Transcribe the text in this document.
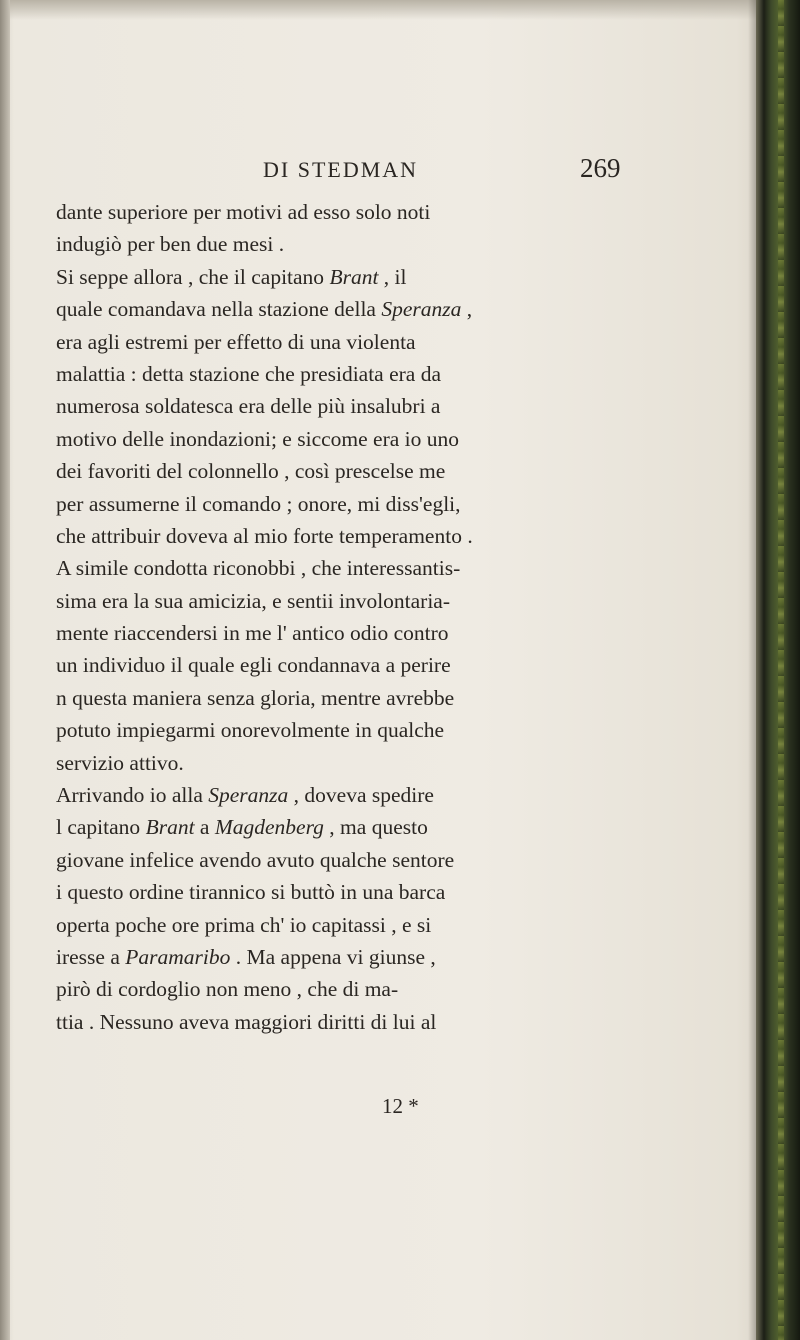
DI STEDMAN	269
dante superiore per motivi ad esso solo noti
indugiò per ben due mesi .
Si seppe allora , che il capitano Brant , il
quale comandava nella stazione della Speranza ,
era agli estremi per effetto di una violenta
malattia : detta stazione che presidiata era da
numerosa soldatesca era delle più insalubri a
motivo delle inondazioni; e siccome era io uno
dei favoriti del colonnello , così prescelse me
per assumerne il comando ; onore, mi diss'egli,
che attribuir doveva al mio forte temperamento .
A simile condotta riconobbi , che interessantis-
sima era la sua amicizia, e sentii involontaria-
mente riaccendersi in me l' antico odio contro
un individuo il quale egli condannava a perire
n questa maniera senza gloria, mentre avrebbe
potuto impiegarmi onorevolmente in qualche
servizio attivo.
Arrivando io alla Speranza , doveva spedire
l capitano Brant a Magdenberg , ma questo
giovane infelice avendo avuto qualche sentore
i questo ordine tirannico si buttò in una barca
operta poche ore prima ch' io capitassi , e si
iresse a Paramaribo . Ma appena vi giunse ,
pirò di cordoglio non meno , che di ma-
ttia . Nessuno aveva maggiori diritti di lui al
12 *
